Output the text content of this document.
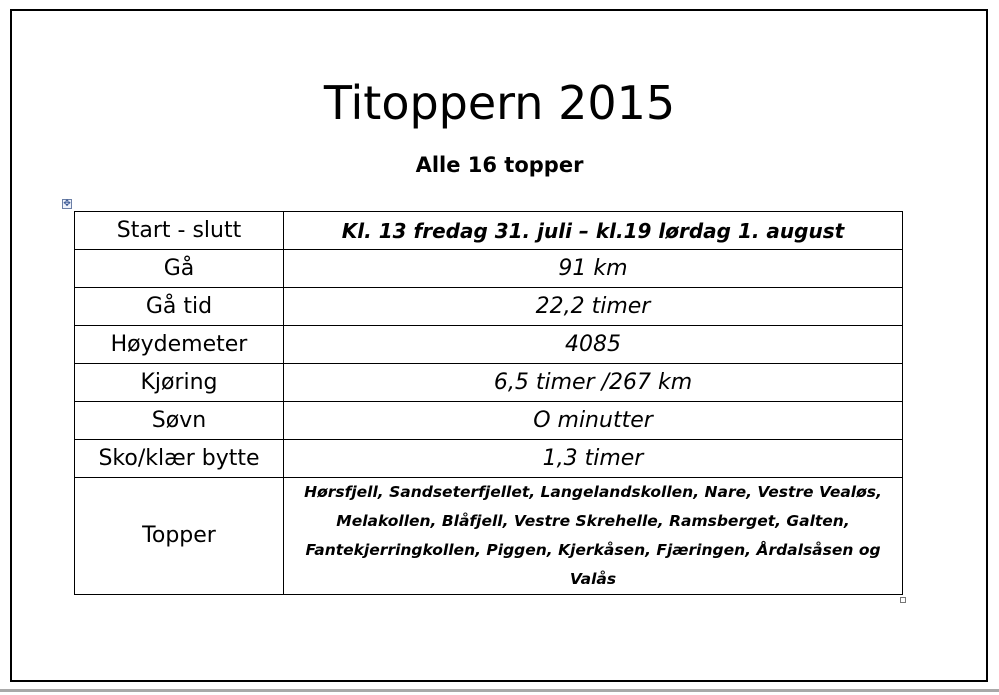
Titoppern 2015
Alle 16 topper
✥
Start - slutt	Kl. 13 fredag 31. juli – kl.19 lørdag 1. august
Gå	91 km
Gå tid	22,2 timer
Høydemeter	4085
Kjøring	6,5 timer /267 km
Søvn	O minutter
Sko/klær bytte	1,3 timer
Topper	Hørsfjell, Sandseterfjellet, Langelandskollen, Nare, Vestre Vealøs, Melakollen, Blåfjell, Vestre Skrehelle, Ramsberget, Galten, Fantekjerringkollen, Piggen, Kjerkåsen, Fjæringen, Årdalsåsen og Valås
